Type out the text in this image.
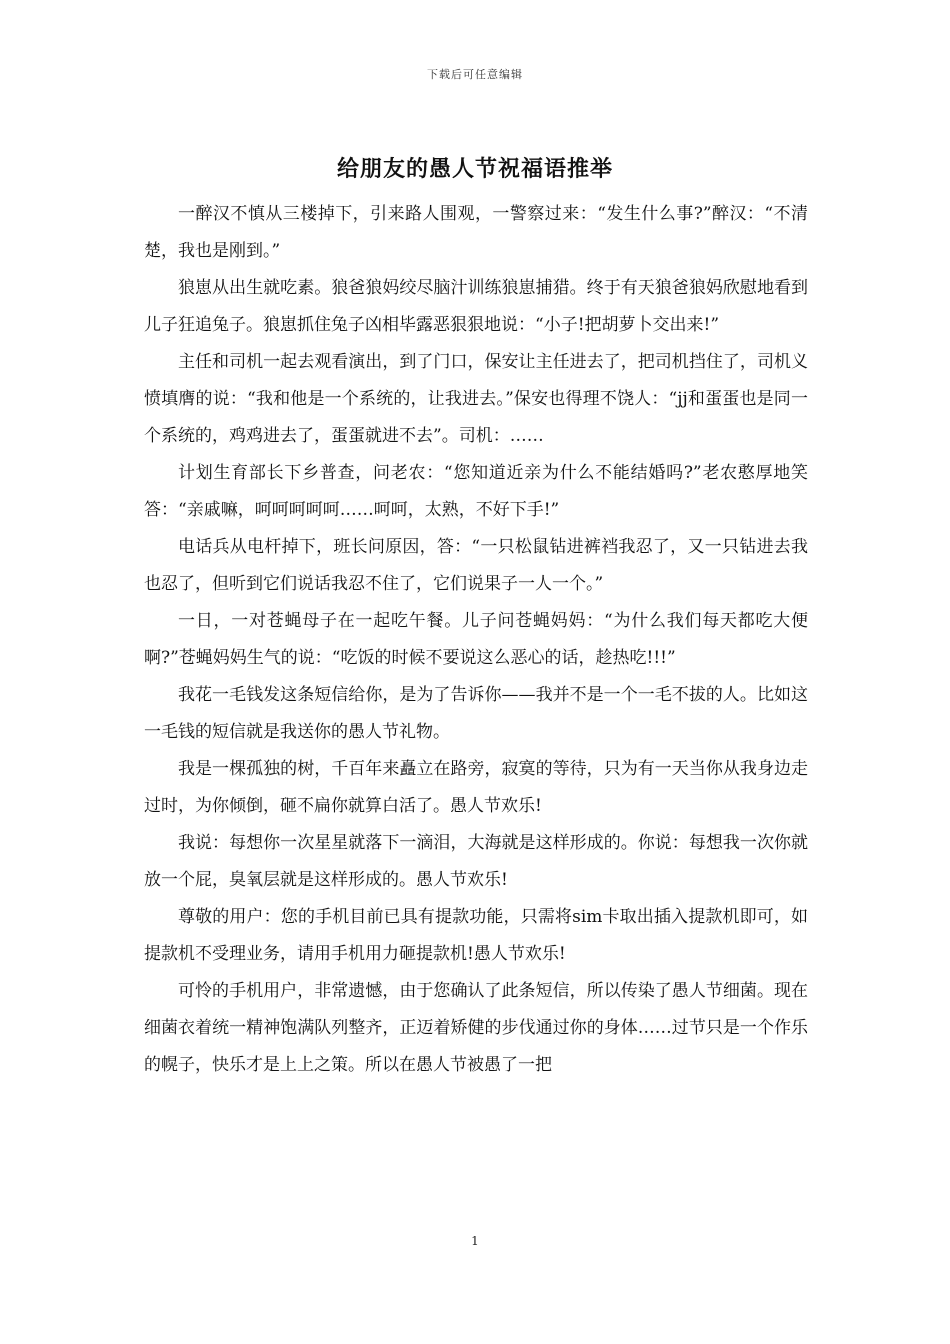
下载后可任意编辑
给朋友的愚人节祝福语推举

一醉汉不慎从三楼掉下，引来路人围观，一警察过来：“发生什么事?”醉汉：“不清楚，我也是刚到。”

狼崽从出生就吃素。狼爸狼妈绞尽脑汁训练狼崽捕猎。终于有天狼爸狼妈欣慰地看到儿子狂追兔子。狼崽抓住兔子凶相毕露恶狠狠地说：“小子!把胡萝卜交出来!”

主任和司机一起去观看演出，到了门口，保安让主任进去了，把司机挡住了，司机义愤填膺的说：“我和他是一个系统的，让我进去。”保安也得理不饶人：“jj和蛋蛋也是同一个系统的，鸡鸡进去了，蛋蛋就进不去”。司机：……

计划生育部长下乡普查，问老农：“您知道近亲为什么不能结婚吗?”老农憨厚地笑答：“亲戚嘛，呵呵呵呵呵……呵呵，太熟，不好下手!”

电话兵从电杆掉下，班长问原因，答：“一只松鼠钻进裤裆我忍了，又一只钻进去我也忍了，但听到它们说话我忍不住了，它们说果子一人一个。”

一日，一对苍蝇母子在一起吃午餐。儿子问苍蝇妈妈：“为什么我们每天都吃大便啊?”苍蝇妈妈生气的说：“吃饭的时候不要说这么恶心的话，趁热吃!!!”

我花一毛钱发这条短信给你，是为了告诉你——我并不是一个一毛不拔的人。比如这一毛钱的短信就是我送你的愚人节礼物。

我是一棵孤独的树，千百年来矗立在路旁，寂寞的等待，只为有一天当你从我身边走过时，为你倾倒，砸不扁你就算白活了。愚人节欢乐!

我说：每想你一次星星就落下一滴泪，大海就是这样形成的。你说：每想我一次你就放一个屁，臭氧层就是这样形成的。愚人节欢乐!

尊敬的用户：您的手机目前已具有提款功能，只需将sim卡取出插入提款机即可，如提款机不受理业务，请用手机用力砸提款机!愚人节欢乐!

可怜的手机用户，非常遗憾，由于您确认了此条短信，所以传染了愚人节细菌。现在细菌衣着统一精神饱满队列整齐，正迈着矫健的步伐通过你的身体……过节只是一个作乐的幌子，快乐才是上上之策。所以在愚人节被愚了一把

1
